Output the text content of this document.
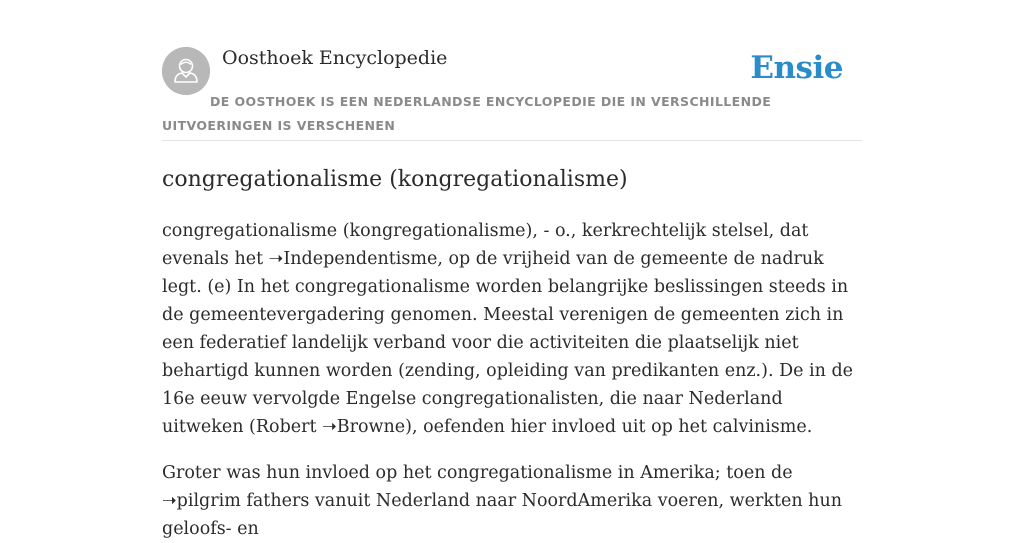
Oosthoek Encyclopedie	Ensie
DE OOSTHOEK IS EEN NEDERLANDSE ENCYCLOPEDIE DIE IN VERSCHILLENDE UITVOERINGEN IS VERSCHENEN
congregationalisme (kongregationalisme)

congregationalisme (kongregationalisme), - o., kerkrechtelijk stelsel, dat evenals het ➝Independentisme, op de vrijheid van de gemeente de nadruk legt. (e) In het congregationalisme worden belangrijke beslissingen steeds in de gemeentevergadering genomen. Meestal verenigen de gemeenten zich in een federatief landelijk verband voor die activiteiten die plaatselijk niet behartigd kunnen worden (zending, opleiding van predikanten enz.). De in de 16e eeuw vervolgde Engelse congregationalisten, die naar Nederland uitweken (Robert ➝Browne), oefenden hier invloed uit op het calvinisme.

Groter was hun invloed op het congregationalisme in Amerika; toen de ➝pilgrim fathers vanuit Nederland naar NoordAmerika voeren, werkten hun geloofs- en
